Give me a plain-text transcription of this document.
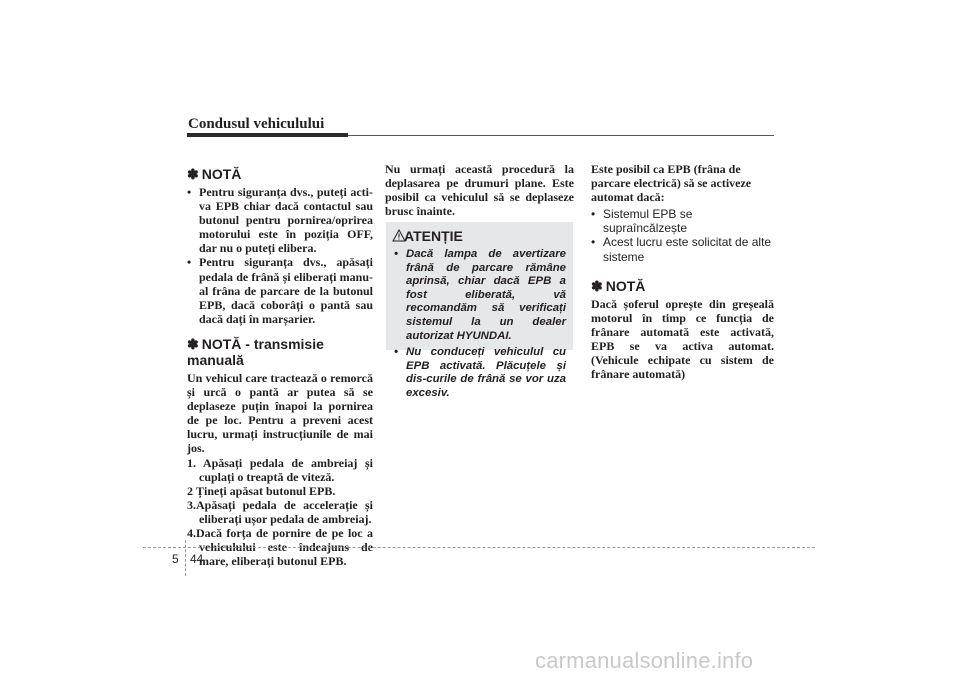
Condusul vehiculului
✽ NOTĂ
• Pentru siguranța dvs., puteți acti-va EPB chiar dacă contactul sau butonul pentru pornirea/oprirea motorului este în poziția OFF, dar nu o puteți elibera.
• Pentru siguranța dvs., apăsați pedala de frână și eliberați manu-al frâna de parcare de la butonul EPB, dacă coborâți o pantă sau dacă dați în marșarier.
✽ NOTĂ - transmisie manuală
Un vehicul care tractează o remorcă și urcă o pantă ar putea să se deplaseze puțin înapoi la pornirea de pe loc. Pentru a preveni acest lucru, urmați instrucțiunile de mai jos.
1. Apăsați pedala de ambreiaj și cuplați o treaptă de viteză.
2 Țineți apăsat butonul EPB.
3.Apăsați pedala de accelerație și eliberați ușor pedala de ambreiaj.
4.Dacă forța de pornire de pe loc a vehiculului este îndeajuns de mare, eliberați butonul EPB.
Nu urmați această procedură la deplasarea pe drumuri plane. Este posibil ca vehiculul să se deplaseze brusc înainte.
ATENȚIE
• Dacă lampa de avertizare frână de parcare rămâne aprinsă, chiar dacă EPB a fost eliberată, vă recomandăm să verificați sistemul la un dealer autorizat HYUNDAI.
• Nu conduceți vehiculul cu EPB activată. Plăcuțele și dis-curile de frână se vor uza excesiv.
Este posibil ca EPB (frâna de parcare electrică) să se activeze automat dacă:
• Sistemul EPB se supraîncălzește
• Acest lucru este solicitat de alte sisteme
✽ NOTĂ
Dacă șoferul oprește din greșeală motorul în timp ce funcția de frânare automată este activată, EPB se va activa automat. (Vehicule echipate cu sistem de frânare automată)
5 44
carmanualsonline.info
